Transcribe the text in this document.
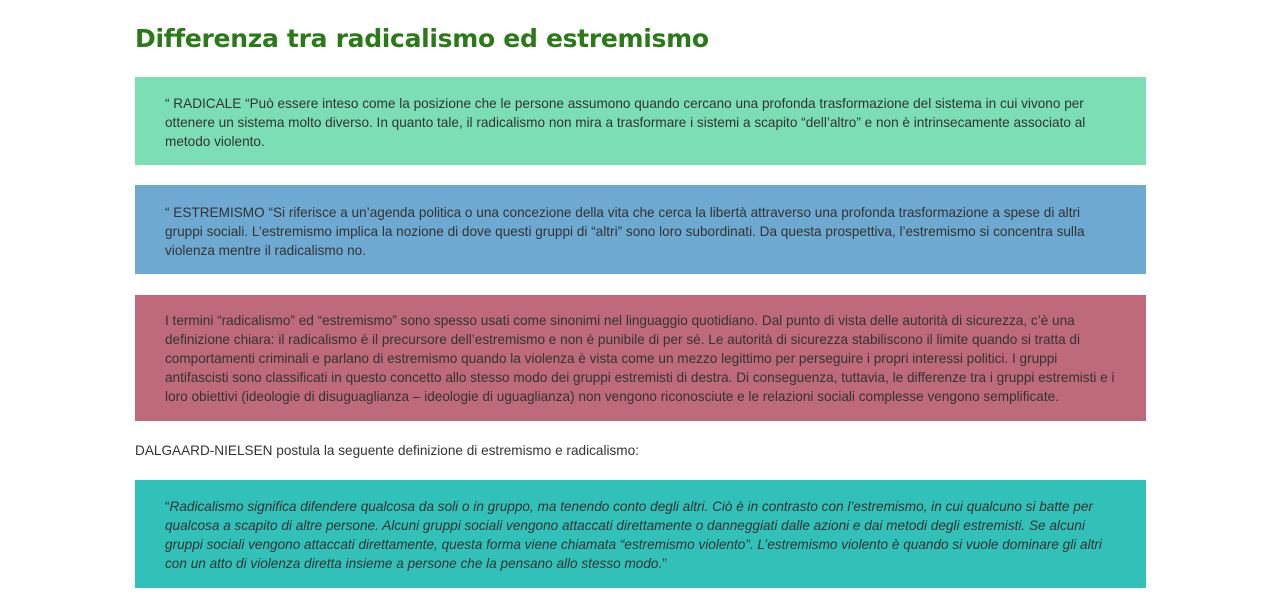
Differenza tra radicalismo ed estremismo

“ RADICALE “Può essere inteso come la posizione che le persone assumono quando cercano una profonda trasformazione del sistema in cui vivono per ottenere un sistema molto diverso. In quanto tale, il radicalismo non mira a trasformare i sistemi a scapito “dell’altro” e non è intrinsecamente associato al metodo violento.

“ ESTREMISMO “Si riferisce a un’agenda politica o una concezione della vita che cerca la libertà attraverso una profonda trasformazione a spese di altri gruppi sociali. L’estremismo implica la nozione di dove questi gruppi di “altri” sono loro subordinati. Da questa prospettiva, l’estremismo si concentra sulla violenza mentre il radicalismo no.

I termini “radicalismo” ed “estremismo” sono spesso usati come sinonimi nel linguaggio quotidiano. Dal punto di vista delle autorità di sicurezza, c’è una definizione chiara: il radicalismo è il precursore dell’estremismo e non è punibile di per sé. Le autorità di sicurezza stabiliscono il limite quando si tratta di comportamenti criminali e parlano di estremismo quando la violenza è vista come un mezzo legittimo per perseguire i propri interessi politici. I gruppi antifascisti sono classificati in questo concetto allo stesso modo dei gruppi estremisti di destra. Di conseguenza, tuttavia, le differenze tra i gruppi estremisti e i loro obiettivi (ideologie di disuguaglianza – ideologie di uguaglianza) non vengono riconosciute e le relazioni sociali complesse vengono semplificate.

DALGAARD-NIELSEN postula la seguente definizione di estremismo e radicalismo:

“Radicalismo significa difendere qualcosa da soli o in gruppo, ma tenendo conto degli altri. Ciò è in contrasto con l’estremismo, in cui qualcuno si batte per qualcosa a scapito di altre persone. Alcuni gruppi sociali vengono attaccati direttamente o danneggiati dalle azioni e dai metodi degli estremisti. Se alcuni gruppi sociali vengono attaccati direttamente, questa forma viene chiamata “estremismo violento”. L’estremismo violento è quando si vuole dominare gli altri con un atto di violenza diretta insieme a persone che la pensano allo stesso modo.”
